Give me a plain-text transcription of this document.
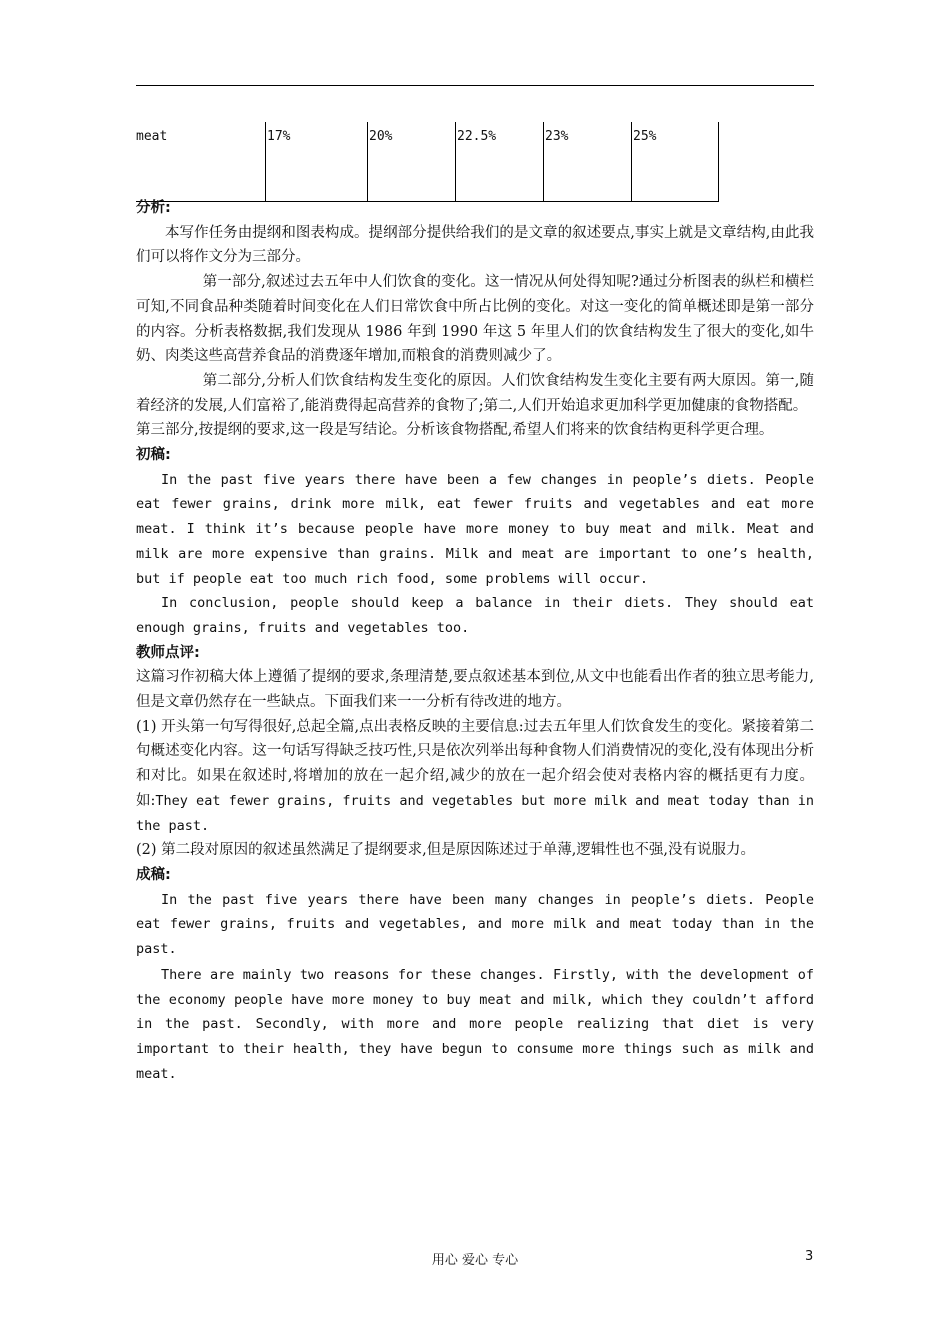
meat	17%	20%	22.5%	23%	25%

分析:

本写作任务由提纲和图表构成。提纲部分提供给我们的是文章的叙述要点,事实上就是文章结构,由此我们可以将作文分为三部分。

第一部分,叙述过去五年中人们饮食的变化。这一情况从何处得知呢?通过分析图表的纵栏和横栏可知,不同食品种类随着时间变化在人们日常饮食中所占比例的变化。对这一变化的简单概述即是第一部分的内容。分析表格数据,我们发现从 1986 年到 1990 年这 5 年里人们的饮食结构发生了很大的变化,如牛奶、肉类这些高营养食品的消费逐年增加,而粮食的消费则减少了。

第二部分,分析人们饮食结构发生变化的原因。人们饮食结构发生变化主要有两大原因。第一,随着经济的发展,人们富裕了,能消费得起高营养的食物了;第二,人们开始追求更加科学更加健康的食物搭配。

第三部分,按提纲的要求,这一段是写结论。分析该食物搭配,希望人们将来的饮食结构更科学更合理。

初稿:

In the past five years there have been a few changes in people’s diets. People eat fewer grains, drink more milk, eat fewer fruits and vegetables and eat more meat. I think it’s because people have more money to buy meat and milk. Meat and milk are more expensive than grains. Milk and meat are important to one’s health, but if people eat too much rich food, some problems will occur.

In conclusion, people should keep a balance in their diets. They should eat enough grains, fruits and vegetables too.

教师点评:

这篇习作初稿大体上遵循了提纲的要求,条理清楚,要点叙述基本到位,从文中也能看出作者的独立思考能力,但是文章仍然存在一些缺点。下面我们来一一分析有待改进的地方。

(1) 开头第一句写得很好,总起全篇,点出表格反映的主要信息:过去五年里人们饮食发生的变化。紧接着第二句概述变化内容。这一句话写得缺乏技巧性,只是依次列举出每种食物人们消费情况的变化,没有体现出分析和对比。如果在叙述时,将增加的放在一起介绍,减少的放在一起介绍会使对表格内容的概括更有力度。如:They eat fewer grains, fruits and vegetables but more milk and meat today than in the past.

(2) 第二段对原因的叙述虽然满足了提纲要求,但是原因陈述过于单薄,逻辑性也不强,没有说服力。

成稿:

In the past five years there have been many changes in people’s diets. People eat fewer grains, fruits and vegetables, and more milk and meat today than in the past.

There are mainly two reasons for these changes. Firstly, with the development of the economy people have more money to buy meat and milk, which they couldn’t afford in the past. Secondly, with more and more people realizing that diet is very important to their health, they have begun to consume more things such as milk and meat.

用心 爱心 专心	3
